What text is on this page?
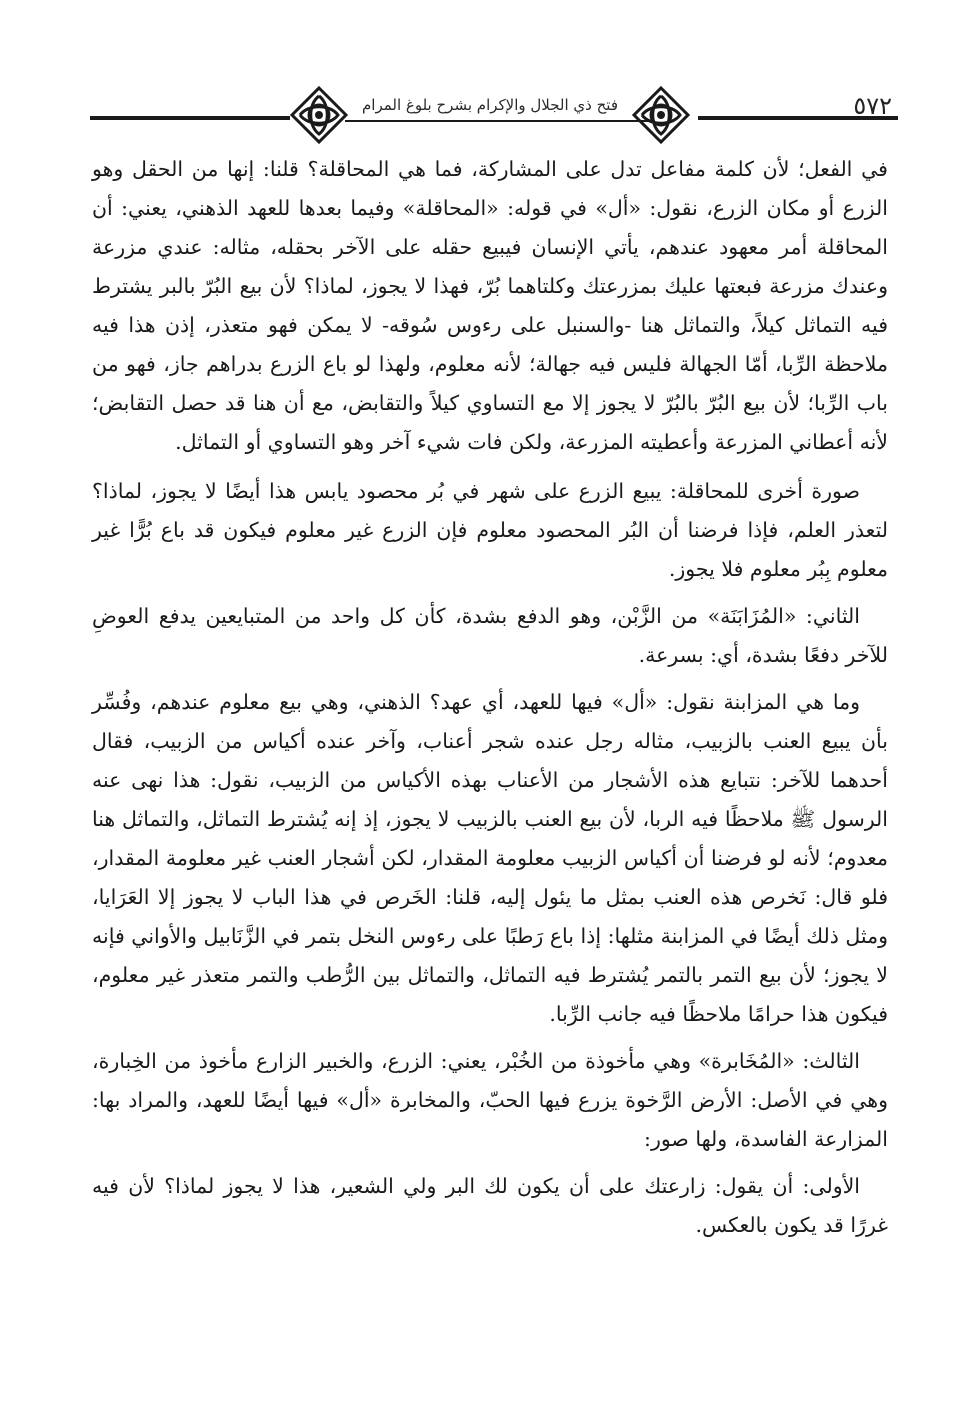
فتح ذي الجلال والإكرام بشرح بلوغ المرام	٥٧٢

في الفعل؛ لأن كلمة مفاعل تدل على المشاركة، فما هي المحاقلة؟ قلنا: إنها من الحقل وهو الزرع أو مكان الزرع، نقول: «أل» في قوله: «المحاقلة» وفيما بعدها للعهد الذهني، يعني: أن المحاقلة أمر معهود عندهم، يأتي الإنسان فيبيع حقله على الآخر بحقله، مثاله: عندي مزرعة وعندك مزرعة فبعتها عليك بمزرعتك وكلتاهما بُرّ، فهذا لا يجوز، لماذا؟ لأن بيع البُرّ بالبر يشترط فيه التماثل كيلاً، والتماثل هنا -والسنبل على رءوس سُوقه- لا يمكن فهو متعذر، إذن هذا فيه ملاحظة الرِّبا، أمّا الجهالة فليس فيه جهالة؛ لأنه معلوم، ولهذا لو باع الزرع بدراهم جاز، فهو من باب الرِّبا؛ لأن بيع البُرّ بالبُرّ لا يجوز إلا مع التساوي كيلاً والتقابض، مع أن هنا قد حصل التقابض؛ لأنه أعطاني المزرعة وأعطيته المزرعة، ولكن فات شيء آخر وهو التساوي أو التماثل.

صورة أخرى للمحاقلة: يبيع الزرع على شهر في بُر محصود يابس هذا أيضًا لا يجوز، لماذا؟ لتعذر العلم، فإذا فرضنا أن البُر المحصود معلوم فإن الزرع غير معلوم فيكون قد باع بُرًّا غير معلوم بِبُر معلوم فلا يجوز.

الثاني: «المُزَابَنَة» من الزَّبْن، وهو الدفع بشدة، كأن كل واحد من المتبايعين يدفع العوضِ للآخر دفعًا بشدة، أي: بسرعة.

وما هي المزابنة نقول: «أل» فيها للعهد، أي عهد؟ الذهني، وهي بيع معلوم عندهم، وفُسِّر بأن يبيع العنب بالزبيب، مثاله رجل عنده شجر أعناب، وآخر عنده أكياس من الزبيب، فقال أحدهما للآخر: نتبايع هذه الأشجار من الأعناب بهذه الأكياس من الزبيب، نقول: هذا نهى عنه الرسول ﷺ ملاحظًا فيه الربا، لأن بيع العنب بالزبيب لا يجوز، إذ إنه يُشترط التماثل، والتماثل هنا معدوم؛ لأنه لو فرضنا أن أكياس الزبيب معلومة المقدار، لكن أشجار العنب غير معلومة المقدار، فلو قال: نَخرص هذه العنب بمثل ما يئول إليه، قلنا: الخَرص في هذا الباب لا يجوز إلا العَرَايا، ومثل ذلك أيضًا في المزابنة مثلها: إذا باع رَطبًا على رءوس النخل بتمر في الزَّنَابيل والأواني فإنه لا يجوز؛ لأن بيع التمر بالتمر يُشترط فيه التماثل، والتماثل بين الرُّطب والتمر متعذر غير معلوم، فيكون هذا حرامًا ملاحظًا فيه جانب الرِّبا.

الثالث: «المُخَابرة» وهي مأخوذة من الخُبْر، يعني: الزرع، والخبير الزارع مأخوذ من الخِبارة، وهي في الأصل: الأرض الرَّخوة يزرع فيها الحبّ، والمخابرة «أل» فيها أيضًا للعهد، والمراد بها: المزارعة الفاسدة، ولها صور:

الأولى: أن يقول: زارعتك على أن يكون لك البر ولي الشعير، هذا لا يجوز لماذا؟ لأن فيه غررًا قد يكون بالعكس.
